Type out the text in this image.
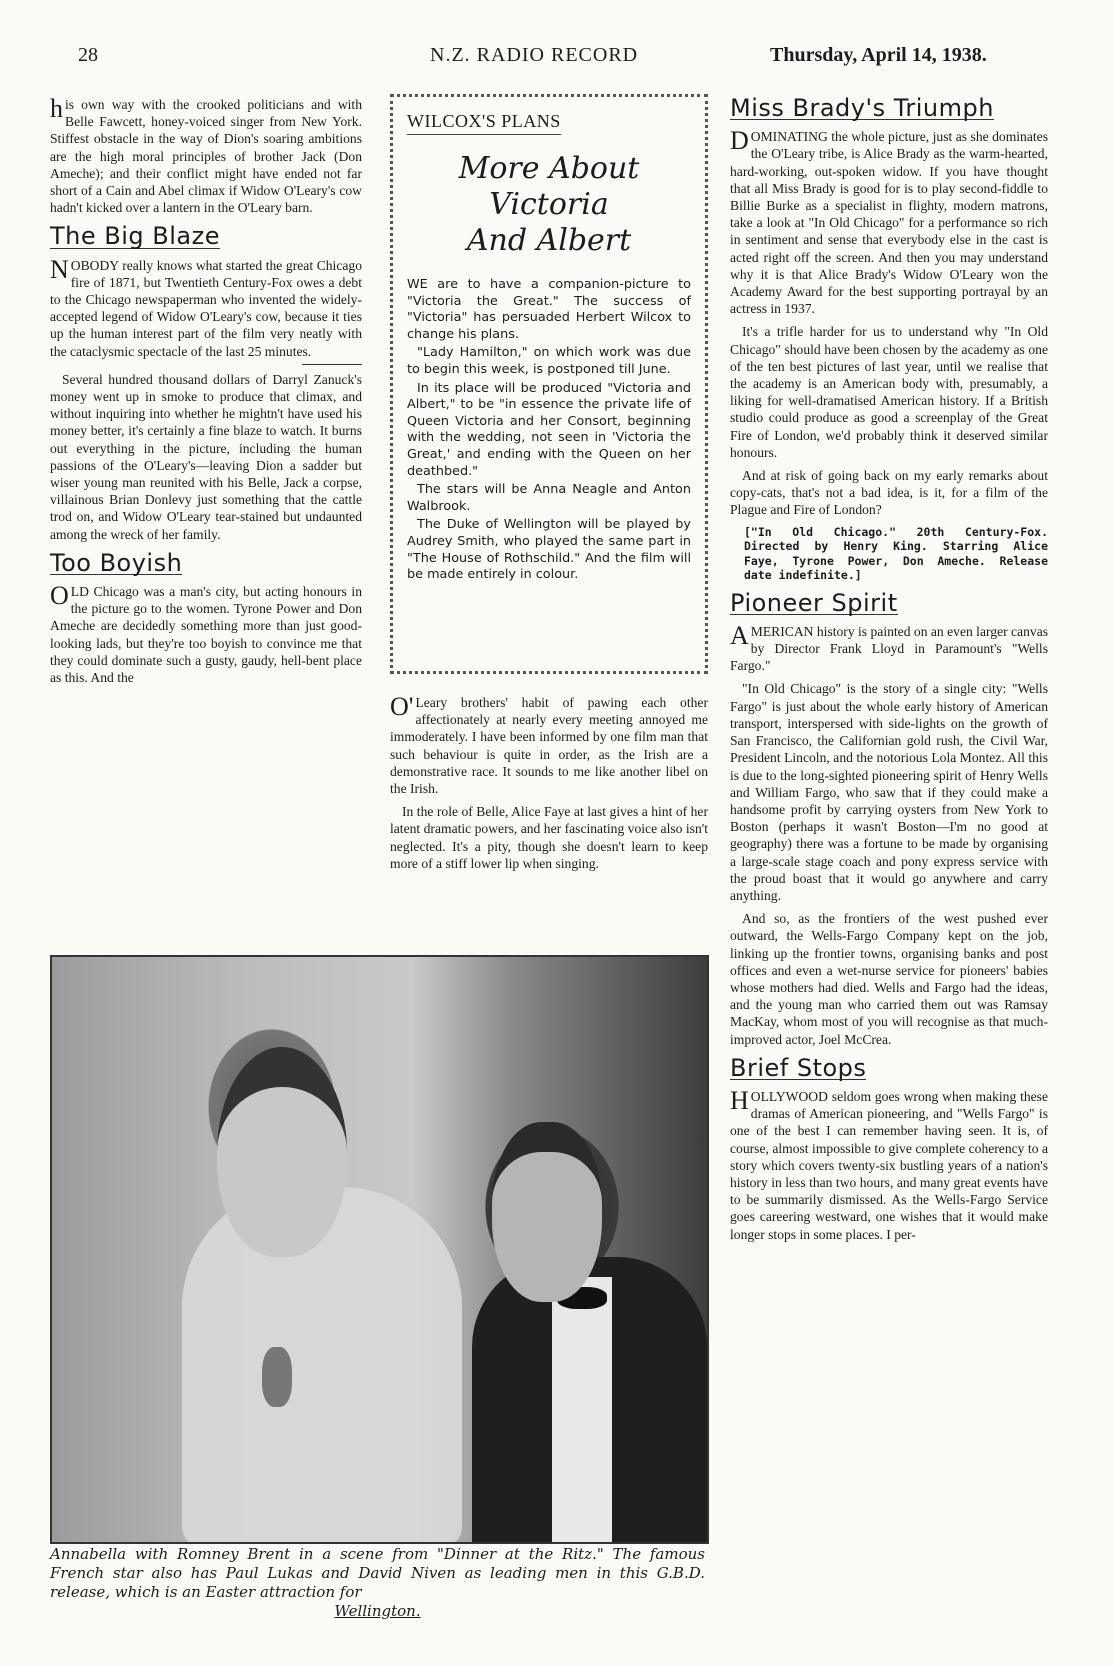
28	N.Z. RADIO RECORD	Thursday, April 14, 1938.

his own way with the crooked politicians and with Belle Fawcett, honey-voiced singer from New York. Stiffest obstacle in the way of Dion's soaring ambitions are the high moral principles of brother Jack (Don Ameche); and their conflict might have ended not far short of a Cain and Abel climax if Widow O'Leary's cow hadn't kicked over a lantern in the O'Leary barn.

The Big Blaze

NOBODY really knows what started the great Chicago fire of 1871, but Twentieth Century-Fox owes a debt to the Chicago newspaperman who invented the widely-accepted legend of Widow O'Leary's cow, because it ties up the human interest part of the film very neatly with the cataclysmic spectacle of the last 25 minutes.

Several hundred thousand dollars of Darryl Zanuck's money went up in smoke to produce that climax, and without inquiring into whether he mightn't have used his money better, it's certainly a fine blaze to watch. It burns out everything in the picture, including the human passions of the O'Leary's—leaving Dion a sadder but wiser young man reunited with his Belle, Jack a corpse, villainous Brian Donlevy just something that the cattle trod on, and Widow O'Leary tear-stained but undaunted among the wreck of her family.

Too Boyish

OLD Chicago was a man's city, but acting honours in the picture go to the women. Tyrone Power and Don Ameche are decidedly something more than just good-looking lads, but they're too boyish to convince me that they could dominate such a gusty, gaudy, hell-bent place as this. And the

WILCOX'S PLANS
More About Victoria
And Albert

WE are to have a companion-picture to "Victoria the Great." The success of "Victoria" has persuaded Herbert Wilcox to change his plans.

"Lady Hamilton," on which work was due to begin this week, is postponed till June.

In its place will be produced "Victoria and Albert," to be "in essence the private life of Queen Victoria and her Consort, beginning with the wedding, not seen in 'Victoria the Great,' and ending with the Queen on her deathbed."

The stars will be Anna Neagle and Anton Walbrook.

The Duke of Wellington will be played by Audrey Smith, who played the same part in "The House of Rothschild." And the film will be made entirely in colour.

O'Leary brothers' habit of pawing each other affectionately at nearly every meeting annoyed me immoderately. I have been informed by one film man that such behaviour is quite in order, as the Irish are a demonstrative race. It sounds to me like another libel on the Irish.

In the role of Belle, Alice Faye at last gives a hint of her latent dramatic powers, and her fascinating voice also isn't neglected. It's a pity, though she doesn't learn to keep more of a stiff lower lip when singing.

Miss Brady's Triumph

DOMINATING the whole picture, just as she dominates the O'Leary tribe, is Alice Brady as the warm-hearted, hard-working, out-spoken widow. If you have thought that all Miss Brady is good for is to play second-fiddle to Billie Burke as a specialist in flighty, modern matrons, take a look at "In Old Chicago" for a performance so rich in sentiment and sense that everybody else in the cast is acted right off the screen. And then you may understand why it is that Alice Brady's Widow O'Leary won the Academy Award for the best supporting portrayal by an actress in 1937.

It's a trifle harder for us to understand why "In Old Chicago" should have been chosen by the academy as one of the ten best pictures of last year, until we realise that the academy is an American body with, presumably, a liking for well-dramatised American history. If a British studio could produce as good a screenplay of the Great Fire of London, we'd probably think it deserved similar honours.

And at risk of going back on my early remarks about copy-cats, that's not a bad idea, is it, for a film of the Plague and Fire of London?

["In Old Chicago." 20th Century-Fox. Directed by Henry King. Starring Alice Faye, Tyrone Power, Don Ameche. Release date indefinite.]
Pioneer Spirit

AMERICAN history is painted on an even larger canvas by Director Frank Lloyd in Paramount's "Wells Fargo."

"In Old Chicago" is the story of a single city: "Wells Fargo" is just about the whole early history of American transport, interspersed with side-lights on the growth of San Francisco, the Californian gold rush, the Civil War, President Lincoln, and the notorious Lola Montez. All this is due to the long-sighted pioneering spirit of Henry Wells and William Fargo, who saw that if they could make a handsome profit by carrying oysters from New York to Boston (perhaps it wasn't Boston—I'm no good at geography) there was a fortune to be made by organising a large-scale stage coach and pony express service with the proud boast that it would go anywhere and carry anything.

And so, as the frontiers of the west pushed ever outward, the Wells-Fargo Company kept on the job, linking up the frontier towns, organising banks and post offices and even a wet-nurse service for pioneers' babies whose mothers had died. Wells and Fargo had the ideas, and the young man who carried them out was Ramsay MacKay, whom most of you will recognise as that much-improved actor, Joel McCrea.

Brief Stops

HOLLYWOOD seldom goes wrong when making these dramas of American pioneering, and "Wells Fargo" is one of the best I can remember having seen. It is, of course, almost impossible to give complete coherency to a story which covers twenty-six bustling years of a nation's history in less than two hours, and many great events have to be summarily dismissed. As the Wells-Fargo Service goes careering westward, one wishes that it would make longer stops in some places. I per-

Annabella with Romney Brent in a scene from "Dinner at the Ritz." The famous French star also has Paul Lukas and David Niven as leading men in this G.B.D. release, which is an Easter attraction for
Wellington.
